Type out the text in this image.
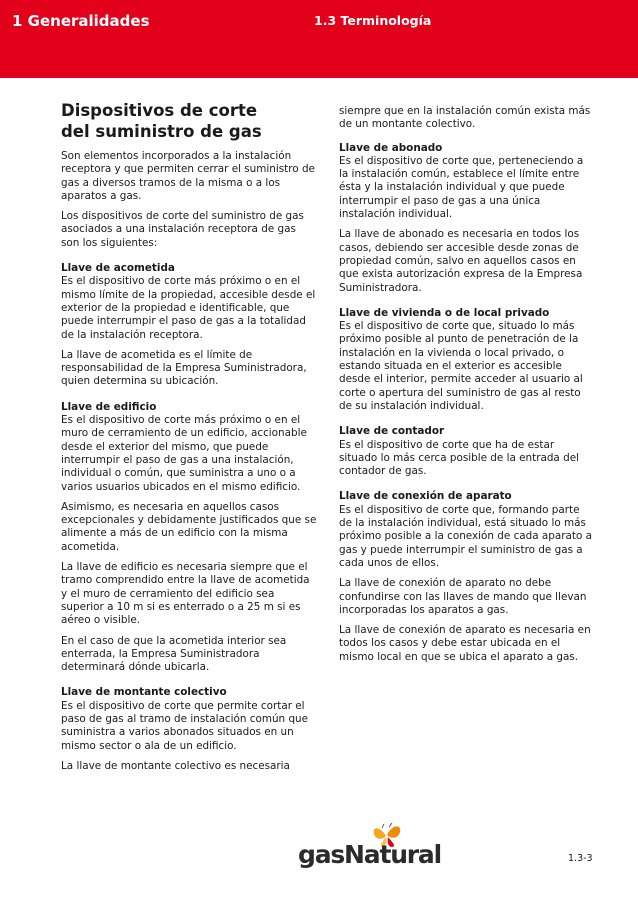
1 Generalidades	1.3 Terminología
Dispositivos de corte
del suministro de gas

Son elementos incorporados a la instalación receptora y que permiten cerrar el suministro de gas a diversos tramos de la misma o a los aparatos a gas.

Los dispositivos de corte del suministro de gas asociados a una instalación receptora de gas son los siguientes:

Llave de acometida

Es el dispositivo de corte más próximo o en el mismo límite de la propiedad, accesible desde el exterior de la propiedad e identificable, que puede interrumpir el paso de gas a la totalidad de la instalación receptora.

La llave de acometida es el límite de responsabilidad de la Empresa Suministradora, quien determina su ubicación.

Llave de edificio

Es el dispositivo de corte más próximo o en el muro de cerramiento de un edificio, accionable desde el exterior del mismo, que puede interrumpir el paso de gas a una instalación, individual o común, que suministra a uno o a varios usuarios ubicados en el mismo edificio.

Asimismo, es necesaria en aquellos casos excepcionales y debidamente justificados que se alimente a más de un edificio con la misma acometida.

La llave de edificio es necesaria siempre que el tramo comprendido entre la llave de acometida y el muro de cerramiento del edificio sea superior a 10 m si es enterrado o a 25 m si es aéreo o visible.

En el caso de que la acometida interior sea enterrada, la Empresa Suministradora determinará dónde ubicarla.

Llave de montante colectivo

Es el dispositivo de corte que permite cortar el paso de gas al tramo de instalación común que suministra a varios abonados situados en un mismo sector o ala de un edificio.

La llave de montante colectivo es necesaria

siempre que en la instalación común exista más de un montante colectivo.

Llave de abonado

Es el dispositivo de corte que, perteneciendo a la instalación común, establece el límite entre ésta y la instalación individual y que puede interrumpir el paso de gas a una única instalación individual.

La llave de abonado es necesaria en todos los casos, debiendo ser accesible desde zonas de propiedad común, salvo en aquellos casos en que exista autorización expresa de la Empresa Suministradora.

Llave de vivienda o de local privado

Es el dispositivo de corte que, situado lo más próximo posible al punto de penetración de la instalación en la vivienda o local privado, o estando situada en el exterior es accesible desde el interior, permite acceder al usuario al corte o apertura del suministro de gas al resto de su instalación individual.

Llave de contador

Es el dispositivo de corte que ha de estar situado lo más cerca posible de la entrada del contador de gas.

Llave de conexión de aparato

Es el dispositivo de corte que, formando parte de la instalación individual, está situado lo más próximo posible a la conexión de cada aparato a gas y puede interrumpir el suministro de gas a cada unos de ellos.

La llave de conexión de aparato no debe confundirse con las llaves de mando que llevan incorporadas los aparatos a gas.

La llave de conexión de aparato es necesaria en todos los casos y debe estar ubicada en el mismo local en que se ubica el aparato a gas.

gasNatural	1.3-3
